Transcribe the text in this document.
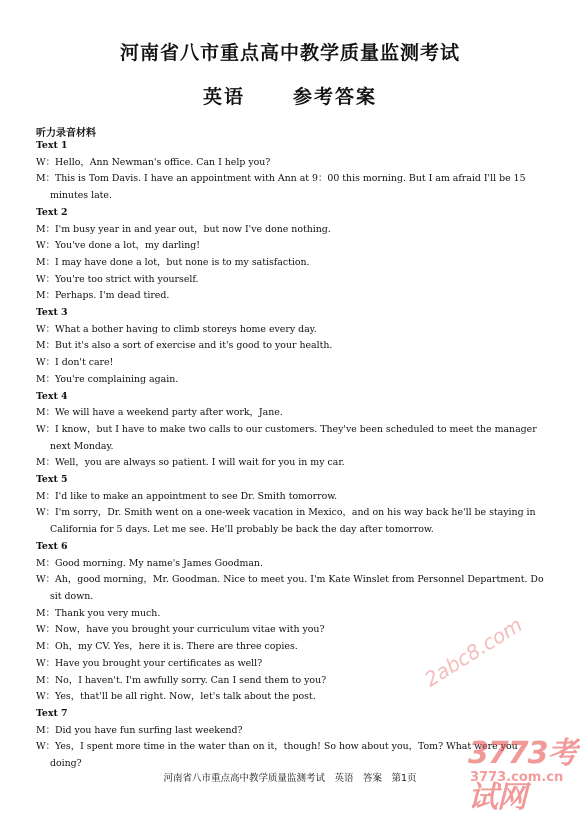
河南省八市重点高中教学质量监测考试
英语	参考答案
听力录音材料
Text 1
W：Hello，Ann Newman's office. Can I help you?
M：This is Tom Davis. I have an appointment with Ann at 9：00 this morning. But I am afraid I'll be 15 minutes late.
Text 2
M：I'm busy year in and year out，but now I've done nothing.
W：You've done a lot，my darling!
M：I may have done a lot，but none is to my satisfaction.
W：You're too strict with yourself.
M：Perhaps. I'm dead tired.
Text 3
W：What a bother having to climb storeys home every day.
M：But it's also a sort of exercise and it's good to your health.
W：I don't care!
M：You're complaining again.
Text 4
M：We will have a weekend party after work，Jane.
W：I know，but I have to make two calls to our customers. They've been scheduled to meet the manager next Monday.
M：Well，you are always so patient. I will wait for you in my car.
Text 5
M：I'd like to make an appointment to see Dr. Smith tomorrow.
W：I'm sorry，Dr. Smith went on a one-week vacation in Mexico，and on his way back he'll be staying in California for 5 days. Let me see. He'll probably be back the day after tomorrow.
Text 6
M：Good morning. My name's James Goodman.
W：Ah，good morning，Mr. Goodman. Nice to meet you. I'm Kate Winslet from Personnel Department. Do sit down.
M：Thank you very much.
W：Now，have you brought your curriculum vitae with you?
M：Oh，my CV. Yes，here it is. There are three copies.
W：Have you brought your certificates as well?
M：No，I haven't. I'm awfully sorry. Can I send them to you?
W：Yes，that'll be all right. Now，let's talk about the post.
Text 7
M：Did you have fun surfing last weekend?
W：Yes，I spent more time in the water than on it，though! So how about you，Tom? What were you doing?
河南省八市重点高中教学质量监测考试　英语　答案　第1页
2abc8.com
3773考试网
3773.com.cn
